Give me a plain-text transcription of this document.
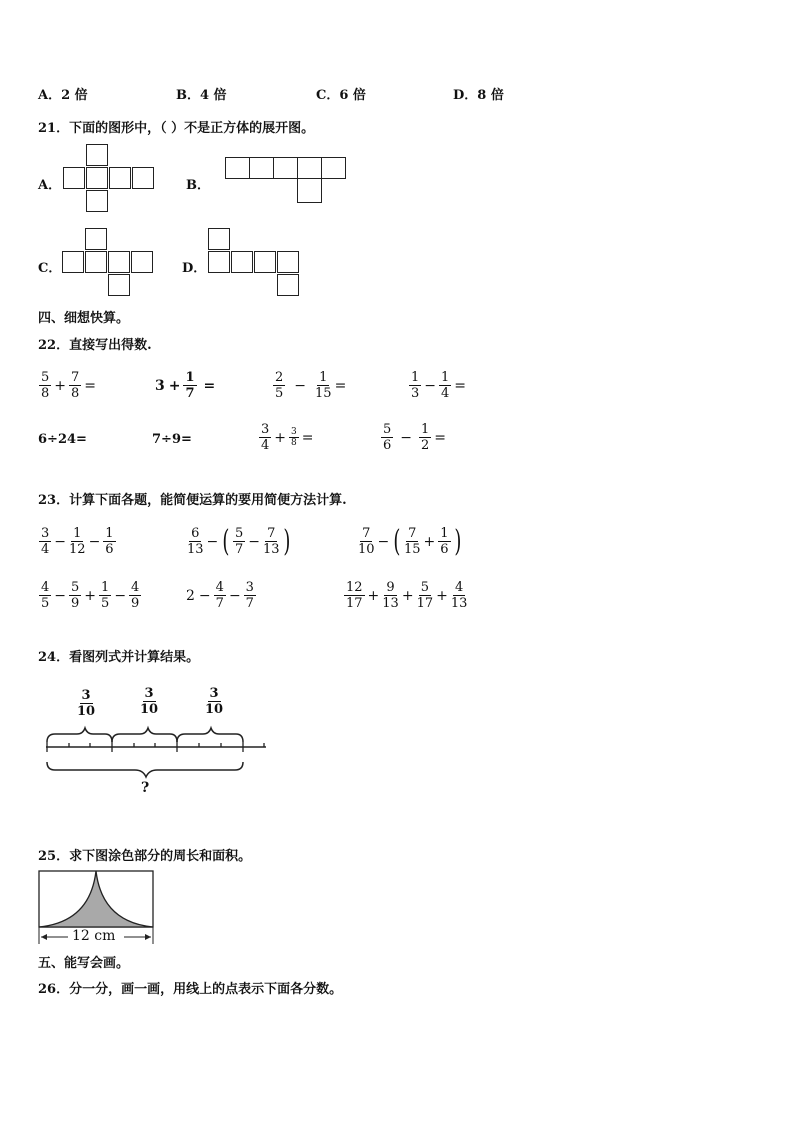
A．2 倍	B．4 倍	C．6 倍	D．8 倍
21．下面的图形中，（ ）不是正方体的展开图。
A．	B．
C．	D．
四、细想快算。
22．直接写出得数.
$\frac{5}{8} + \frac{7}{8}$ =	$3 + \frac{1}{7}$ =	$\frac{2}{5} - \frac{1}{15}$ =	$\frac{1}{3} - \frac{1}{4}$ =
6÷24=	7÷9=	$\frac{3}{4} + \frac{3}{8}$ =	$\frac{5}{6} - \frac{1}{2}$ =
23．计算下面各题，能简便运算的要用简便方法计算.
$\frac{3}{4} - \frac{1}{12} - \frac{1}{6}$	$\frac{6}{13}$ − ( $\frac{5}{7} - \frac{7}{13}$ )	$\frac{7}{10}$ − ( $\frac{7}{15} + \frac{1}{6}$ )
$\frac{4}{5} - \frac{5}{9} + \frac{1}{5} - \frac{4}{9}$	$2 - \frac{4}{7} - \frac{3}{7}$	$\frac{12}{17} + \frac{9}{13} + \frac{5}{17} + \frac{4}{13}$
24．看图列式并计算结果。
$\frac{3}{10}$	$\frac{3}{10}$	$\frac{3}{10}$
?
25．求下图涂色部分的周长和面积。
12 cm
五、能写会画。
26．分一分，画一画，用线上的点表示下面各分数。
